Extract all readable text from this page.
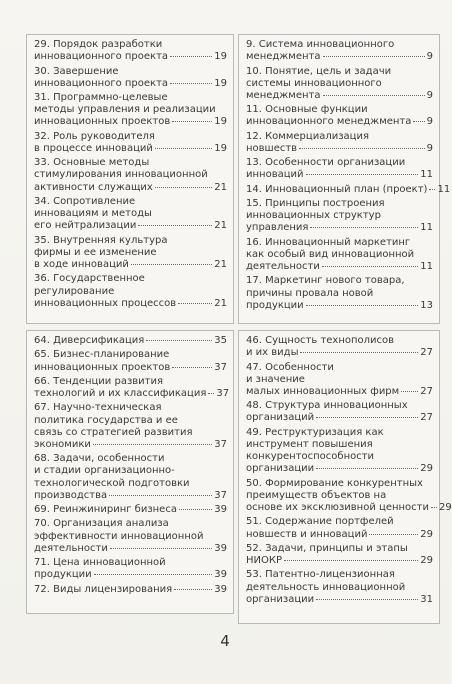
29. Порядок разработки
инновационного проекта	19
30. Завершение
инновационного проекта	19
31. Программно-целевые
методы управления и реализации
инновационных проектов	19
32. Роль руководителя
в процессе инноваций	19
33. Основные методы
стимулирования инновационной
активности служащих	21
34. Сопротивление
инновациям и методы
его нейтрализации	21
35. Внутренняя культура
фирмы и ее изменение
в ходе инноваций	21
36. Государственное
регулирование
инновационных процессов	21
9. Система инновационного
менеджмента	9
10. Понятие, цель и задачи
системы инновационного
менеджмента	9
11. Основные функции
инновационного менеджмента 9
12. Коммерциализация
новшеств	9
13. Особенности организации
инноваций	11
14. Инновационный план (проект) 11
15. Принципы построения
инновационных структур
управления	11
16. Инновационный маркетинг
как особый вид инновационной
деятельности	11
17. Маркетинг нового товара,
причины провала новой
продукции	13
64. Диверсификация	35
65. Бизнес-планирование
инновационных проектов	37
66. Тенденции развития
технологий и их классификация 37
67. Научно-техническая
политика государства и ее
связь со стратегией развития
экономики	37
68. Задачи, особенности
и стадии организационно-
технологической подготовки
производства	37
69. Реинжиниринг бизнеса	39
70. Организация анализа
эффективности инновационной
деятельности	39
71. Цена инновационной
продукции	39
72. Виды лицензирования	39
46. Сущность технополисов
и их виды	27
47. Особенности
и значение
малых инновационных фирм 27
48. Структура инновационных
организаций	27
49. Реструктуризация как
инструмент повышения
конкурентоспособности
организации	29
50. Формирование конкурентных
преимуществ объектов на
основе их эксклюзивной ценности 29
51. Содержание портфелей
новшеств и инноваций	29
52. Задачи, принципы и этапы
НИОКР	29
53. Патентно-лицензионная
деятельность инновационной
организации	31
4
